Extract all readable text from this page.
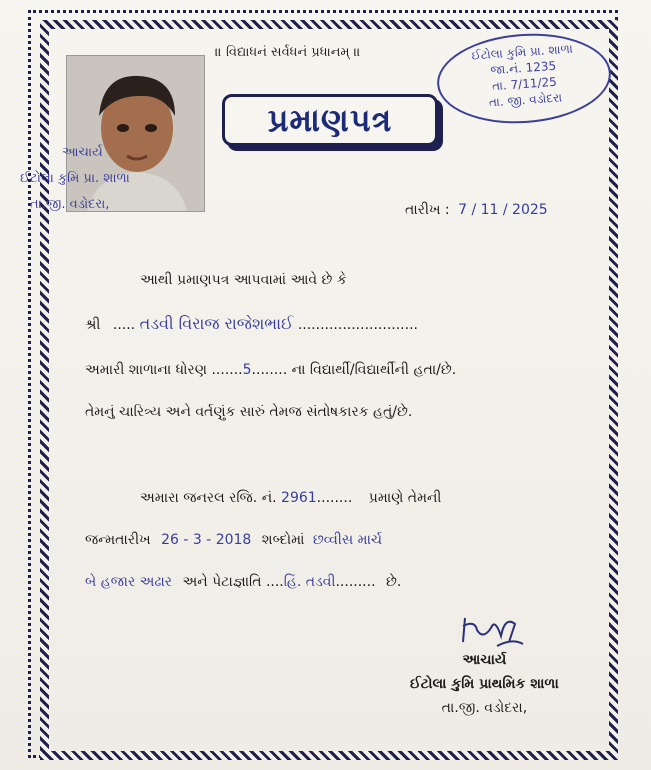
॥ વિદ્યાધનં સર્વધનં પ્રધાનમ્ ॥
પ્રમાણપત્ર
ઈટોલા કુમિ પ્રા. શાળા
જા.નં. 1235
તા. 7/11/25
તા. જી. વડોદરા
આચાર્ય
ઈટોલા કુમિ પ્રા. શાળા
તા.જી. વડોદરા,	તારીખ : 7 / 11 / 2025
આથી પ્રમાણપત્ર આપવામાં આવે છે કે
શ્રી ..... તડવી વિરાજ રાજેશભાઈ ...........................
અમારી શાળાના ધોરણ .......5........ ના વિદ્યાર્થી/વિદ્યાર્થીની હતા/છે.
તેમનું ચારિત્ર્ય અને વર્તણુંક સારું તેમજ સંતોષકારક હતું/છે.
અમારા જનરલ રજિ. નં. 2961........ પ્રમાણે તેમની
જન્મતારીખ 26 - 3 - 2018 શબ્દોમાં છવ્વીસ માર્ચ
બે હજાર અઢાર અને પેટાજ્ઞાતિ ....હિં. તડવી......... છે.
આચાર્ય
ઈટોલા કુમિ પ્રાથમિક શાળા
તા.જી. વડોદરા,
